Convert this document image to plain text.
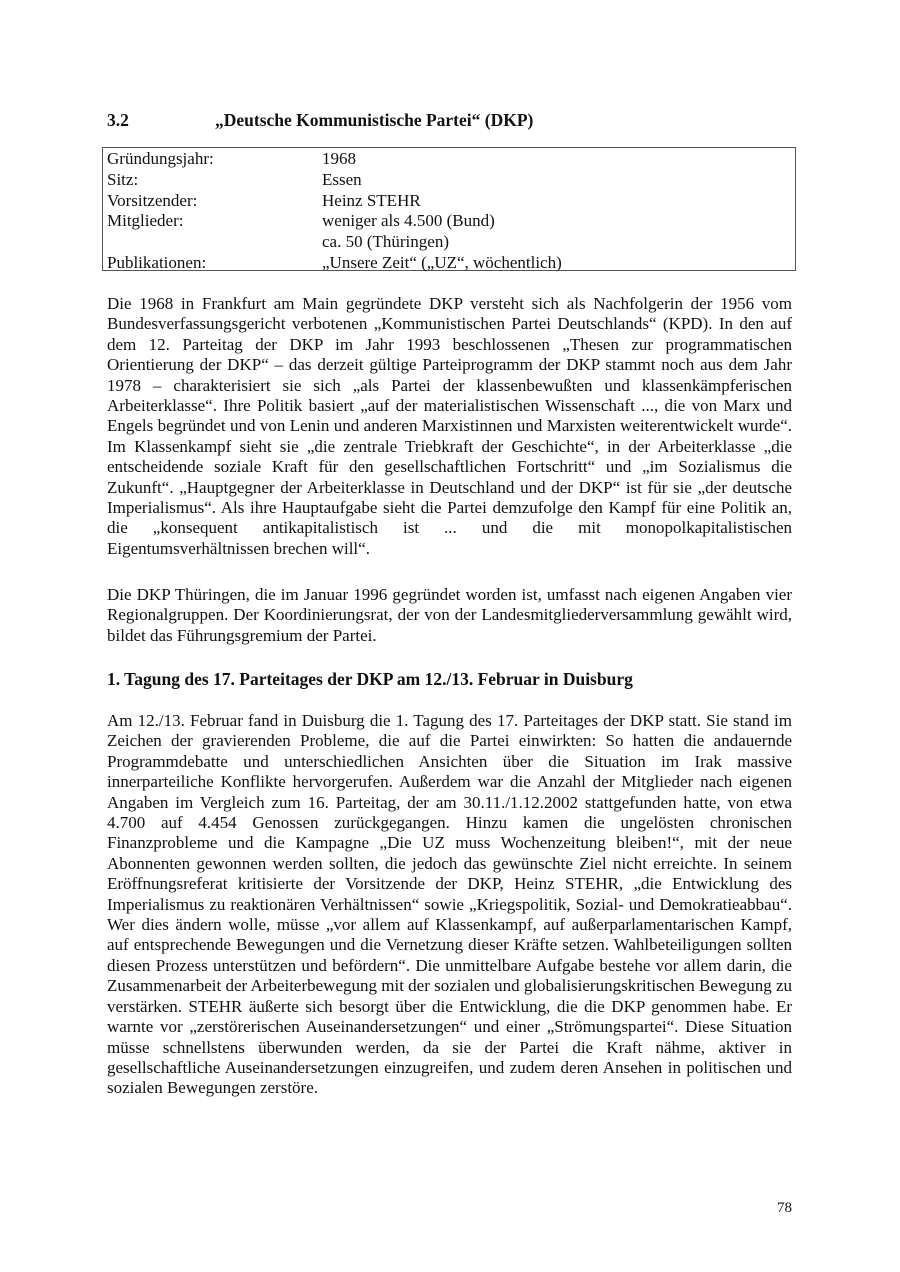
3.2	„Deutsche Kommunistische Partei“ (DKP)
Gründungsjahr:	1968
Sitz:	Essen
Vorsitzender:	Heinz STEHR
Mitglieder:	weniger als 4.500 (Bund)
	ca. 50 (Thüringen)
Publikationen:	„Unsere Zeit“ („UZ“, wöchentlich)

Die 1968 in Frankfurt am Main gegründete DKP versteht sich als Nachfolgerin der 1956 vom Bundesverfassungsgericht verbotenen „Kommunistischen Partei Deutschlands“ (KPD). In den auf dem 12. Parteitag der DKP im Jahr 1993 beschlossenen „Thesen zur programmatischen Orientierung der DKP“ – das derzeit gültige Parteiprogramm der DKP stammt noch aus dem Jahr 1978 – charakterisiert sie sich „als Partei der klassenbewußten und klassenkämpferischen Arbeiterklasse“. Ihre Politik basiert „auf der materialistischen Wissenschaft ..., die von Marx und Engels begründet und von Lenin und anderen Marxistinnen und Marxisten weiterentwickelt wurde“. Im Klassenkampf sieht sie „die zentrale Triebkraft der Geschichte“, in der Arbeiterklasse „die entscheidende soziale Kraft für den gesellschaftlichen Fortschritt“ und „im Sozialismus die Zukunft“. „Hauptgegner der Arbeiterklasse in Deutschland und der DKP“ ist für sie „der deutsche Imperialismus“. Als ihre Hauptaufgabe sieht die Partei demzufolge den Kampf für eine Politik an, die „konsequent antikapitalistisch ist ... und die mit monopolkapitalistischen Eigentumsverhältnissen brechen will“.

Die DKP Thüringen, die im Januar 1996 gegründet worden ist, umfasst nach eigenen Angaben vier Regionalgruppen. Der Koordinierungsrat, der von der Landesmitgliederversammlung gewählt wird, bildet das Führungsgremium der Partei.

1. Tagung des 17. Parteitages der DKP am 12./13. Februar in Duisburg

Am 12./13. Februar fand in Duisburg die 1. Tagung des 17. Parteitages der DKP statt. Sie stand im Zeichen der gravierenden Probleme, die auf die Partei einwirkten: So hatten die andauernde Programmdebatte und unterschiedlichen Ansichten über die Situation im Irak massive innerparteiliche Konflikte hervorgerufen. Außerdem war die Anzahl der Mitglieder nach eigenen Angaben im Vergleich zum 16. Parteitag, der am 30.11./1.12.2002 stattgefunden hatte, von etwa 4.700 auf 4.454 Genossen zurückgegangen. Hinzu kamen die ungelösten chronischen Finanzprobleme und die Kampagne „Die UZ muss Wochenzeitung bleiben!“, mit der neue Abonnenten gewonnen werden sollten, die jedoch das gewünschte Ziel nicht erreichte. In seinem Eröffnungsreferat kritisierte der Vorsitzende der DKP, Heinz STEHR, „die Entwicklung des Imperialismus zu reaktionären Verhältnissen“ sowie „Kriegspolitik, Sozial- und Demokratieabbau“. Wer dies ändern wolle, müsse „vor allem auf Klassenkampf, auf außerparlamentarischen Kampf, auf entsprechende Bewegungen und die Vernetzung dieser Kräfte setzen. Wahlbeteiligungen sollten diesen Prozess unterstützen und befördern“. Die unmittelbare Aufgabe bestehe vor allem darin, die Zusammenarbeit der Arbeiterbewegung mit der sozialen und globalisierungskritischen Bewegung zu verstärken. STEHR äußerte sich besorgt über die Entwicklung, die die DKP genommen habe. Er warnte vor „zerstörerischen Auseinandersetzungen“ und einer „Strömungspartei“. Diese Situation müsse schnellstens überwunden werden, da sie der Partei die Kraft nähme, aktiver in gesellschaftliche Auseinandersetzungen einzugreifen, und zudem deren Ansehen in politischen und sozialen Bewegungen zerstöre.

78
